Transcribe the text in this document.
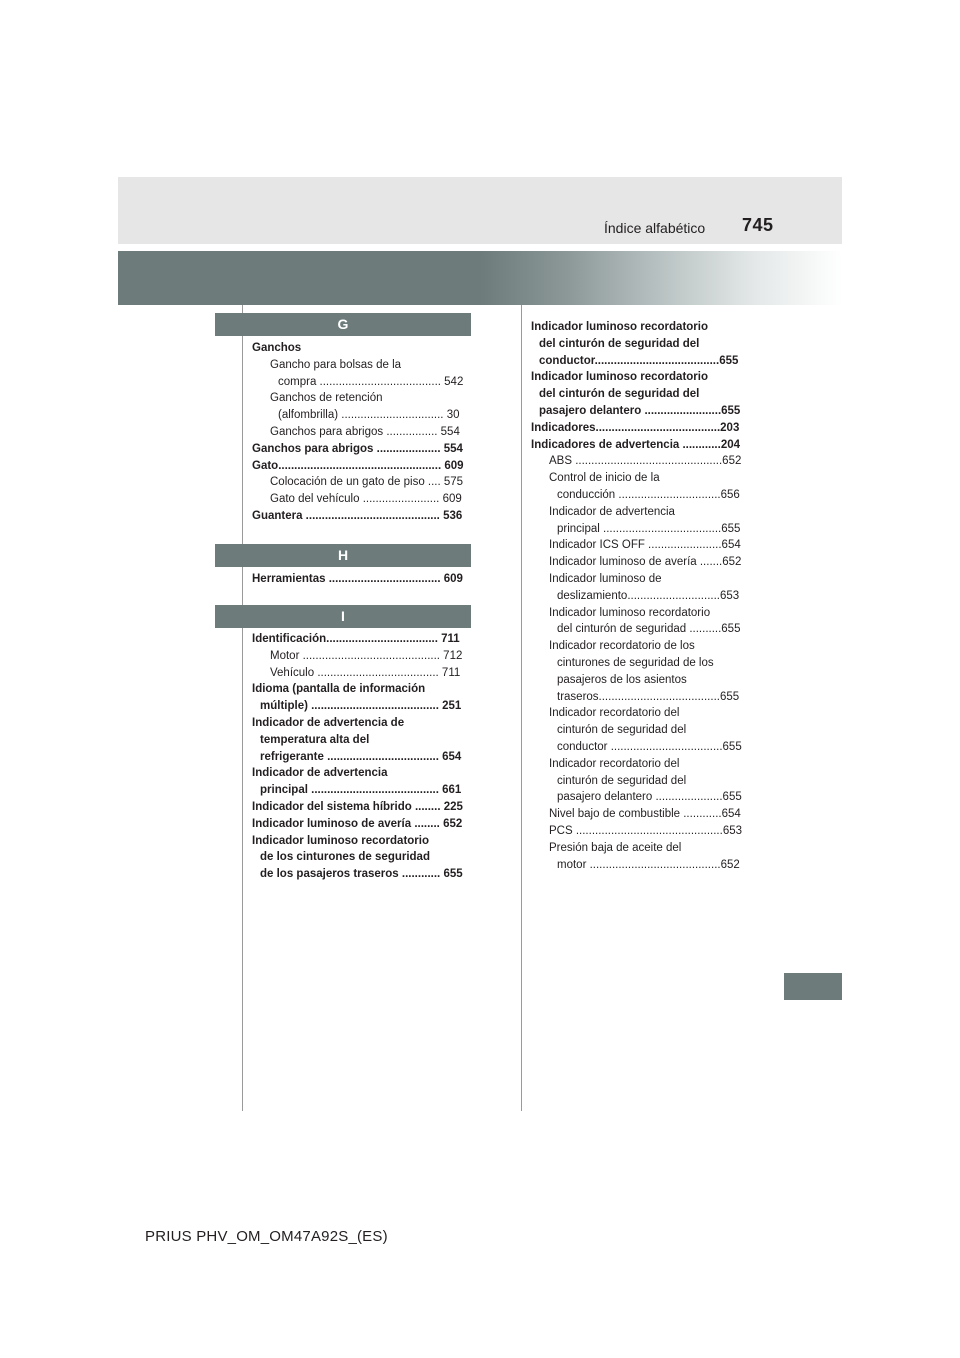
Índice alfabético 745
G
H
I
Ganchos
Gancho para bolsas de la
compra ...................................... 542
Ganchos de retención
(alfombrilla) ................................ 30
Ganchos para abrigos ................ 554
Ganchos para abrigos .................... 554
Gato................................................... 609
Colocación de un gato de piso .... 575
Gato del vehículo ........................ 609
Guantera .......................................... 536
Herramientas ................................... 609
Identificación................................... 711
Motor ........................................... 712
Vehículo ...................................... 711
Idioma (pantalla de información
múltiple) ........................................ 251
Indicador de advertencia de
temperatura alta del
refrigerante ................................... 654
Indicador de advertencia
principal ........................................ 661
Indicador del sistema híbrido ........ 225
Indicador luminoso de avería ........ 652
Indicador luminoso recordatorio
de los cinturones de seguridad
de los pasajeros traseros ............ 655
Indicador luminoso recordatorio
del cinturón de seguridad del
conductor.......................................655
Indicador luminoso recordatorio
del cinturón de seguridad del
pasajero delantero ........................655
Indicadores.......................................203
Indicadores de advertencia ............204
ABS ..............................................652
Control de inicio de la
conducción ................................656
Indicador de advertencia
principal .....................................655
Indicador ICS OFF .......................654
Indicador luminoso de avería .......652
Indicador luminoso de
deslizamiento.............................653
Indicador luminoso recordatorio
del cinturón de seguridad ..........655
Indicador recordatorio de los
cinturones de seguridad de los
pasajeros de los asientos
traseros......................................655
Indicador recordatorio del
cinturón de seguridad del
conductor ...................................655
Indicador recordatorio del
cinturón de seguridad del
pasajero delantero .....................655
Nivel bajo de combustible ............654
PCS ..............................................653
Presión baja de aceite del
motor .........................................652
PRIUS PHV_OM_OM47A92S_(ES)
